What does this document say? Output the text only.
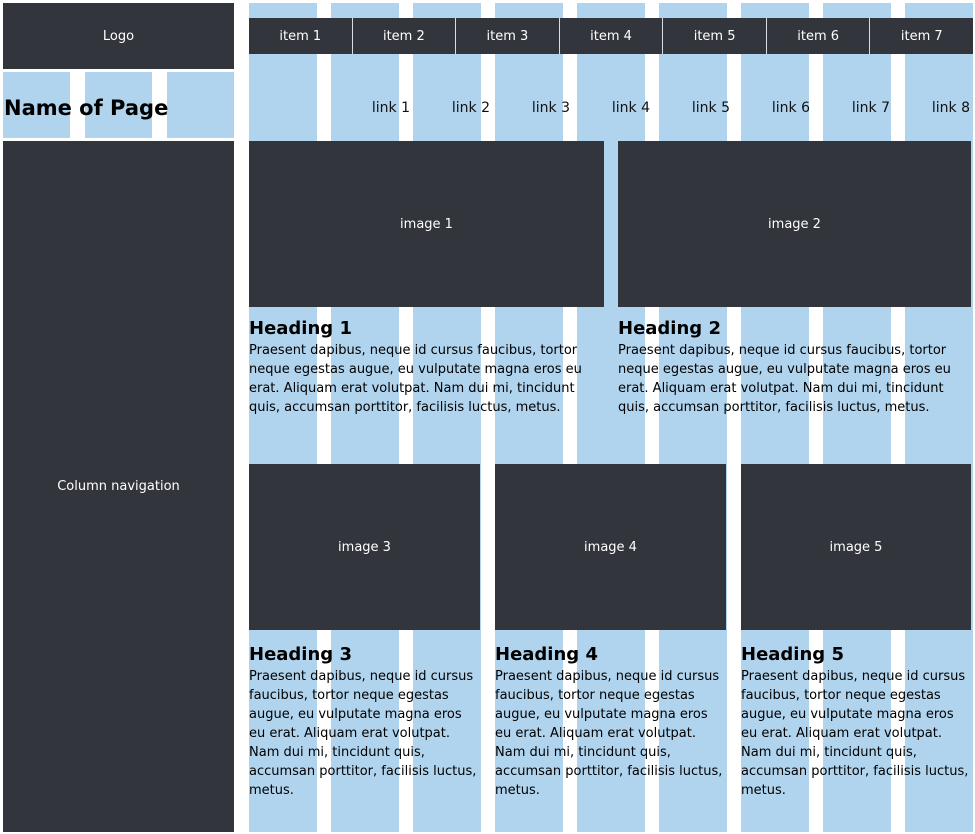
Logo
Name of Page
Column navigation
item 1	item 2	item 3	item 4	item 5	item 6	item 7
link 1	link 2	link 3	link 4	link 5	link 6	link 7	link 8
image 1	image 2
Heading 1
Praesent dapibus, neque id cursus faucibus, tortor neque egestas augue, eu vulputate magna eros eu erat. Aliquam erat volutpat. Nam dui mi, tincidunt quis, accumsan porttitor, facilisis luctus, metus.
Heading 2
Praesent dapibus, neque id cursus faucibus, tortor neque egestas augue, eu vulputate magna eros eu erat. Aliquam erat volutpat. Nam dui mi, tincidunt quis, accumsan porttitor, facilisis luctus, metus.
image 3	image 4	image 5
Heading 3
Praesent dapibus, neque id cursus faucibus, tortor neque egestas augue, eu vulputate magna eros eu erat. Aliquam erat volutpat. Nam dui mi, tincidunt quis, accumsan porttitor, facilisis luctus, metus.
Heading 4
Praesent dapibus, neque id cursus faucibus, tortor neque egestas augue, eu vulputate magna eros eu erat. Aliquam erat volutpat. Nam dui mi, tincidunt quis, accumsan porttitor, facilisis luctus, metus.
Heading 5
Praesent dapibus, neque id cursus faucibus, tortor neque egestas augue, eu vulputate magna eros eu erat. Aliquam erat volutpat. Nam dui mi, tincidunt quis, accumsan porttitor, facilisis luctus, metus.
